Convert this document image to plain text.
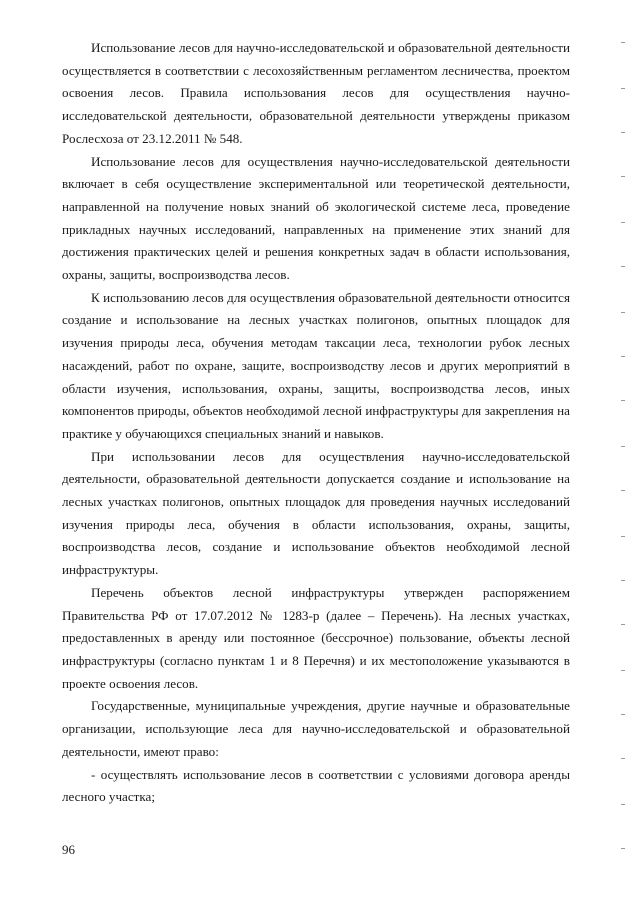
Использование лесов для научно-исследовательской и образовательной деятельности осуществляется в соответствии с лесохозяйственным регламентом лесничества, проектом освоения лесов. Правила использования лесов для осуществления научно-исследовательской деятельности, образовательной деятельности утверждены приказом Рослесхоза от 23.12.2011 № 548.

Использование лесов для осуществления научно-исследовательской деятельности включает в себя осуществление экспериментальной или теоретической деятельности, направленной на получение новых знаний об экологической системе леса, проведение прикладных научных исследований, направленных на применение этих знаний для достижения практических целей и решения конкретных задач в области использования, охраны, защиты, воспроизводства лесов.

К использованию лесов для осуществления образовательной деятельности относится создание и использование на лесных участках полигонов, опытных площадок для изучения природы леса, обучения методам таксации леса, технологии рубок лесных насаждений, работ по охране, защите, воспроизводству лесов и других мероприятий в области изучения, использования, охраны, защиты, воспроизводства лесов, иных компонентов природы, объектов необходимой лесной инфраструктуры для закрепления на практике у обучающихся специальных знаний и навыков.

При использовании лесов для осуществления научно-исследовательской деятельности, образовательной деятельности допускается создание и использование на лесных участках полигонов, опытных площадок для проведения научных исследований изучения природы леса, обучения в области использования, охраны, защиты, воспроизводства лесов, создание и использование объектов необходимой лесной инфраструктуры.

Перечень объектов лесной инфраструктуры утвержден распоряжением Правительства РФ от 17.07.2012 № 1283-р (далее – Перечень). На лесных участках, предоставленных в аренду или постоянное (бессрочное) пользование, объекты лесной инфраструктуры (согласно пунктам 1 и 8 Перечня) и их местоположение указываются в проекте освоения лесов.

Государственные, муниципальные учреждения, другие научные и образовательные организации, использующие леса для научно-исследовательской и образовательной деятельности, имеют право:

- осуществлять использование лесов в соответствии с условиями договора аренды лесного участка;

96
